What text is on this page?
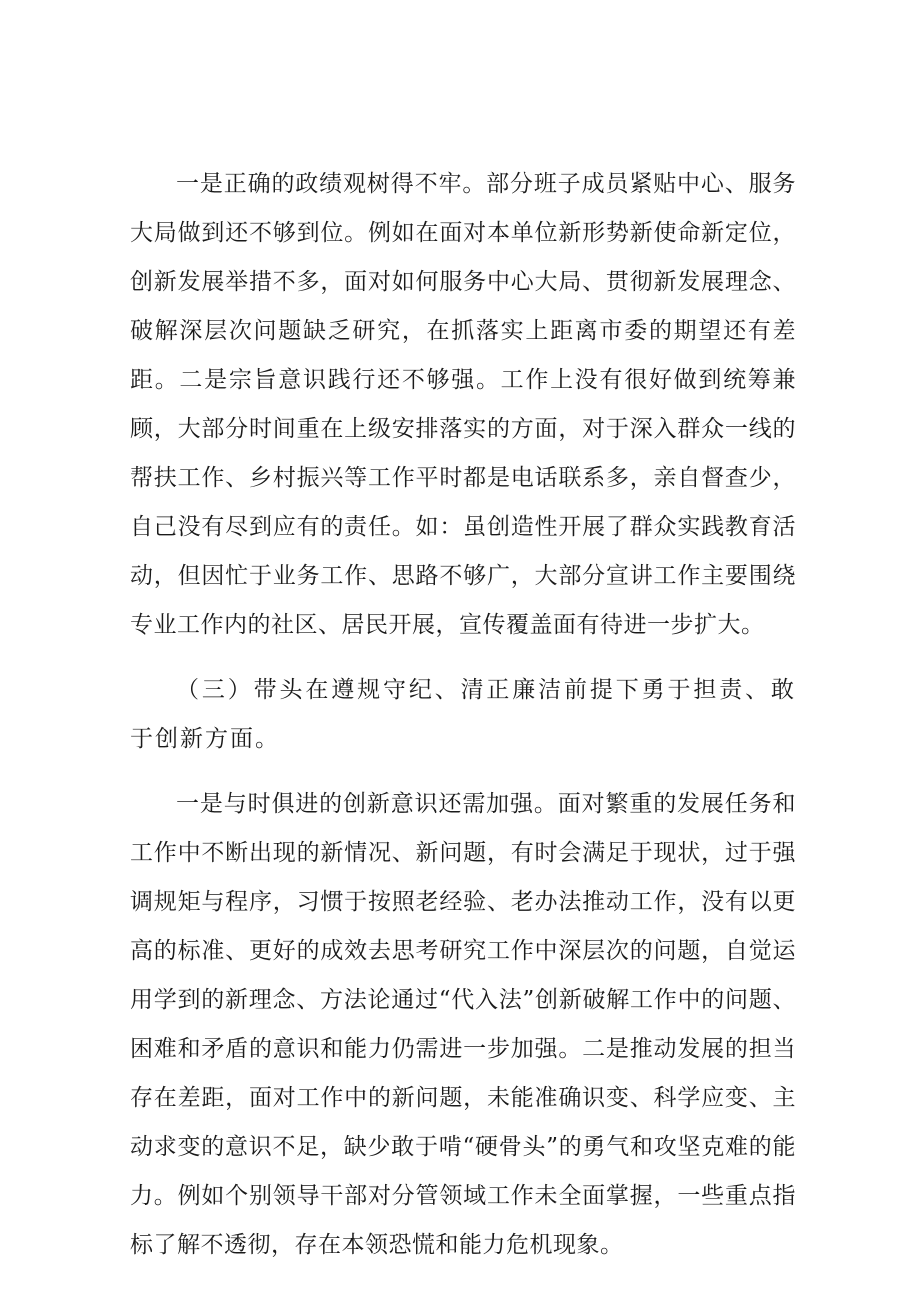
一是正确的政绩观树得不牢。部分班子成员紧贴中心、服务大局做到还不够到位。例如在面对本单位新形势新使命新定位，创新发展举措不多，面对如何服务中心大局、贯彻新发展理念、破解深层次问题缺乏研究，在抓落实上距离市委的期望还有差距。二是宗旨意识践行还不够强。工作上没有很好做到统筹兼顾，大部分时间重在上级安排落实的方面，对于深入群众一线的帮扶工作、乡村振兴等工作平时都是电话联系多，亲自督查少，自己没有尽到应有的责任。如：虽创造性开展了群众实践教育活动，但因忙于业务工作、思路不够广，大部分宣讲工作主要围绕专业工作内的社区、居民开展，宣传覆盖面有待进一步扩大。

（三）带头在遵规守纪、清正廉洁前提下勇于担责、敢于创新方面。

一是与时俱进的创新意识还需加强。面对繁重的发展任务和工作中不断出现的新情况、新问题，有时会满足于现状，过于强调规矩与程序，习惯于按照老经验、老办法推动工作，没有以更高的标准、更好的成效去思考研究工作中深层次的问题，自觉运用学到的新理念、方法论通过“代入法”创新破解工作中的问题、困难和矛盾的意识和能力仍需进一步加强。二是推动发展的担当存在差距，面对工作中的新问题，未能准确识变、科学应变、主动求变的意识不足，缺少敢于啃“硬骨头”的勇气和攻坚克难的能力。例如个别领导干部对分管领域工作未全面掌握，一些重点指标了解不透彻，存在本领恐慌和能力危机现象。
